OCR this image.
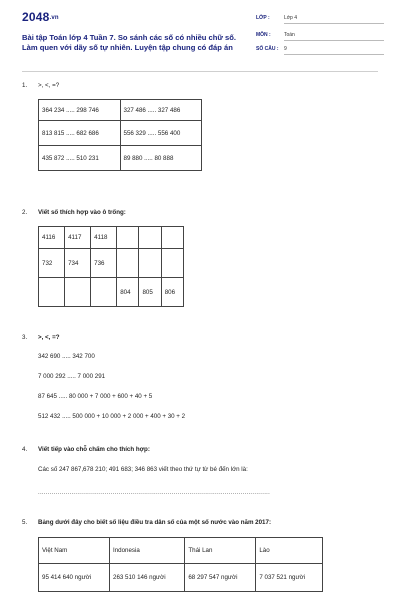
2048.vn
Bài tập Toán lớp 4 Tuần 7. So sánh các số có nhiều chữ số.
Làm quen với dãy số tự nhiên. Luyện tập chung có đáp án
LỚP :	Lớp 4
MÔN :	Toán
SỐ CÂU : 9
1. >, <, =?
364 234 ..... 298 746	327 486 ..... 327 486
813 815 ..... 682 686	556 329 ..... 556 400
435 872 ..... 510 231	89 880 ..... 80 888
2. Viết số thích hợp vào ô trống:
4116	4117	4118			
732	734	736			
			804	805	806
3. >, <, =?
342 690 ..... 342 700
7 000 292 ..... 7 000 291
87 645 ..... 80 000 + 7 000 + 600 + 40 + 5
512 432 ..... 500 000 + 10 000 + 2 000 + 400 + 30 + 2
4. Viết tiếp vào chỗ chấm cho thích hợp:
Các số 247 867,678 210; 491 683; 346 863 viết theo thứ tự từ bé đến lớn là:
......................................................................................................................
5. Bảng dưới đây cho biết số liệu điều tra dân số của một số nước vào năm 2017:
Việt Nam	Indonesia	Thái Lan	Lào
95 414 640 người	263 510 146 người	68 297 547 người	7 037 521 người
